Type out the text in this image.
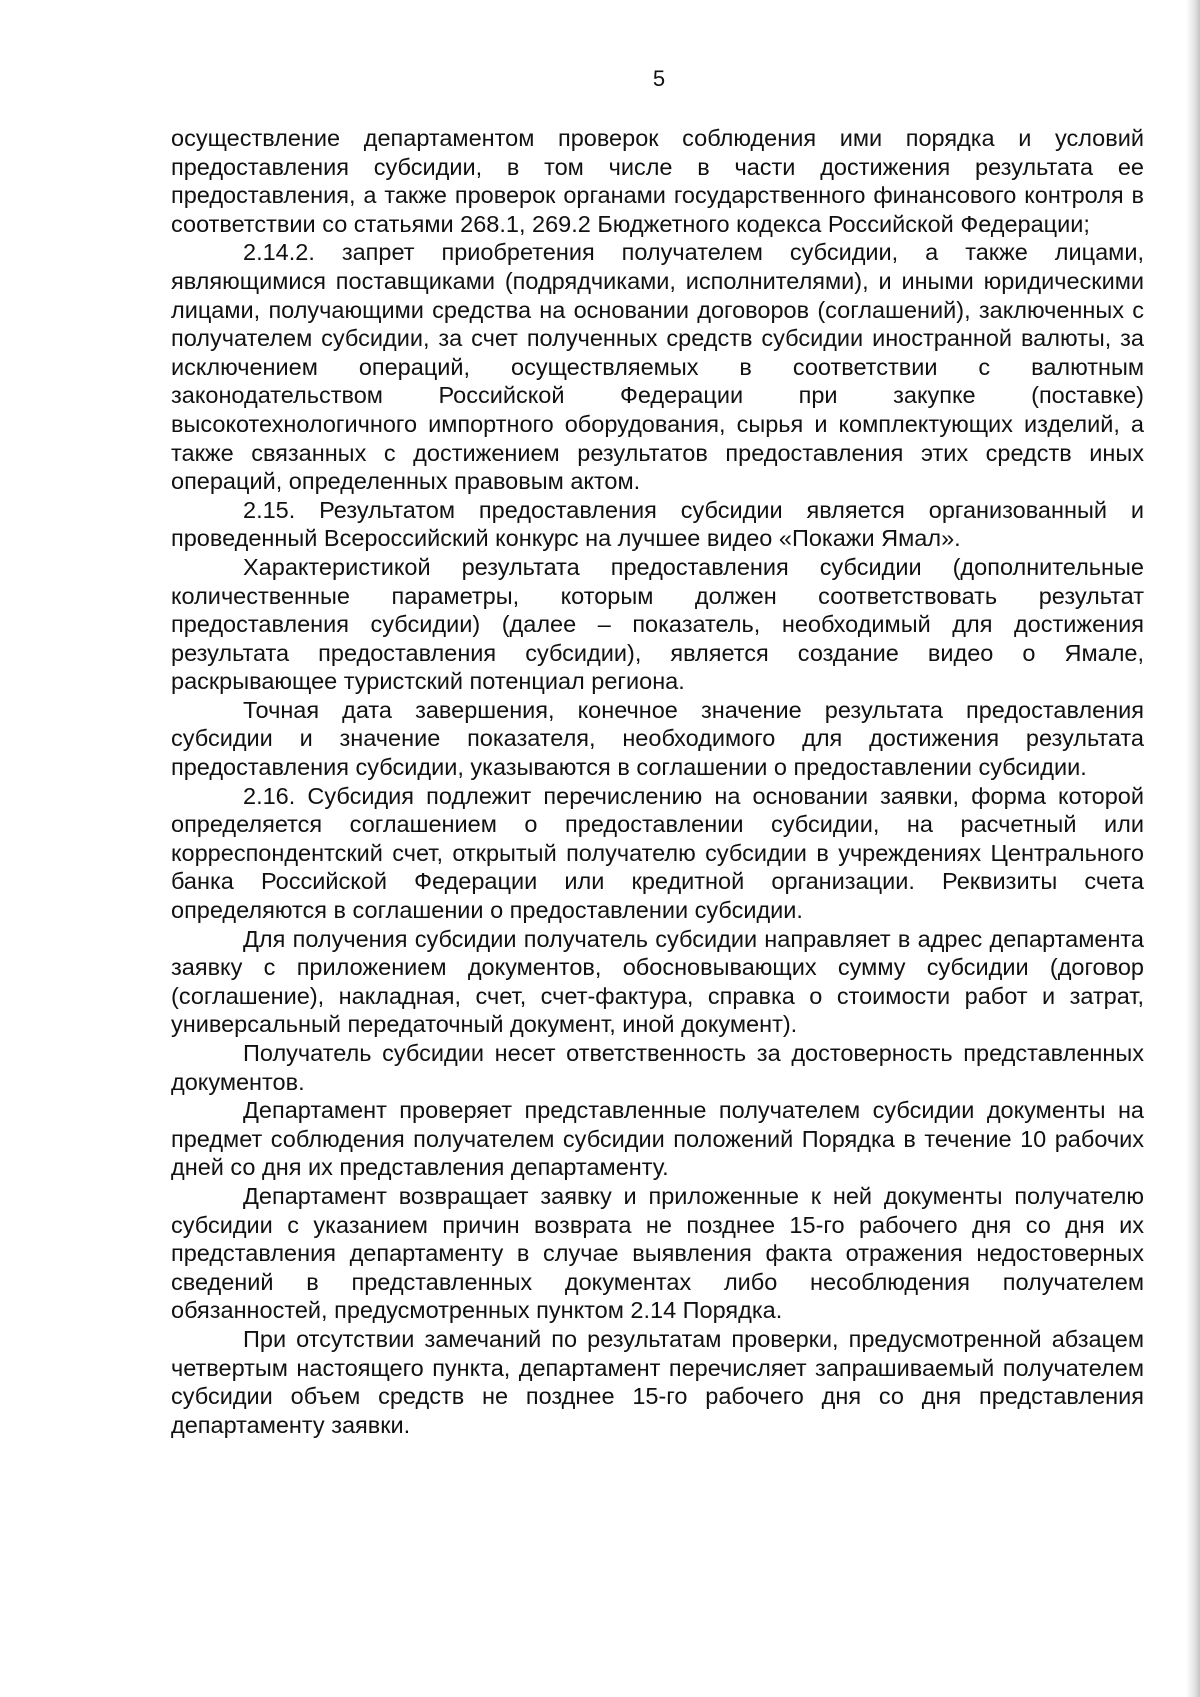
5

осуществление департаментом проверок соблюдения ими порядка и условий предоставления субсидии, в том числе в части достижения результата ее предоставления, а также проверок органами государственного финансового контроля в соответствии со статьями 268.1, 269.2 Бюджетного кодекса Российской Федерации;

2.14.2. запрет приобретения получателем субсидии, а также лицами, являющимися поставщиками (подрядчиками, исполнителями), и иными юридическими лицами, получающими средства на основании договоров (соглашений), заключенных с получателем субсидии, за счет полученных средств субсидии иностранной валюты, за исключением операций, осуществляемых в соответствии с валютным законодательством Российской Федерации при закупке (поставке) высокотехнологичного импортного оборудования, сырья и комплектующих изделий, а также связанных с достижением результатов предоставления этих средств иных операций, определенных правовым актом.

2.15. Результатом предоставления субсидии является организованный и проведенный Всероссийский конкурс на лучшее видео «Покажи Ямал».

Характеристикой результата предоставления субсидии (дополнительные количественные параметры, которым должен соответствовать результат предоставления субсидии) (далее – показатель, необходимый для достижения результата предоставления субсидии), является создание видео о Ямале, раскрывающее туристский потенциал региона.

Точная дата завершения, конечное значение результата предоставления субсидии и значение показателя, необходимого для достижения результата предоставления субсидии, указываются в соглашении о предоставлении субсидии.

2.16. Субсидия подлежит перечислению на основании заявки, форма которой определяется соглашением о предоставлении субсидии, на расчетный или корреспондентский счет, открытый получателю субсидии в учреждениях Центрального банка Российской Федерации или кредитной организации. Реквизиты счета определяются в соглашении о предоставлении субсидии.

Для получения субсидии получатель субсидии направляет в адрес департамента заявку с приложением документов, обосновывающих сумму субсидии (договор (соглашение), накладная, счет, счет-фактура, справка о стоимости работ и затрат, универсальный передаточный документ, иной документ).

Получатель субсидии несет ответственность за достоверность представленных документов.

Департамент проверяет представленные получателем субсидии документы на предмет соблюдения получателем субсидии положений Порядка в течение 10 рабочих дней со дня их представления департаменту.

Департамент возвращает заявку и приложенные к ней документы получателю субсидии с указанием причин возврата не позднее 15-го рабочего дня со дня их представления департаменту в случае выявления факта отражения недостоверных сведений в представленных документах либо несоблюдения получателем обязанностей, предусмотренных пунктом 2.14 Порядка.

При отсутствии замечаний по результатам проверки, предусмотренной абзацем четвертым настоящего пункта, департамент перечисляет запрашиваемый получателем субсидии объем средств не позднее 15-го рабочего дня со дня представления департаменту заявки.
